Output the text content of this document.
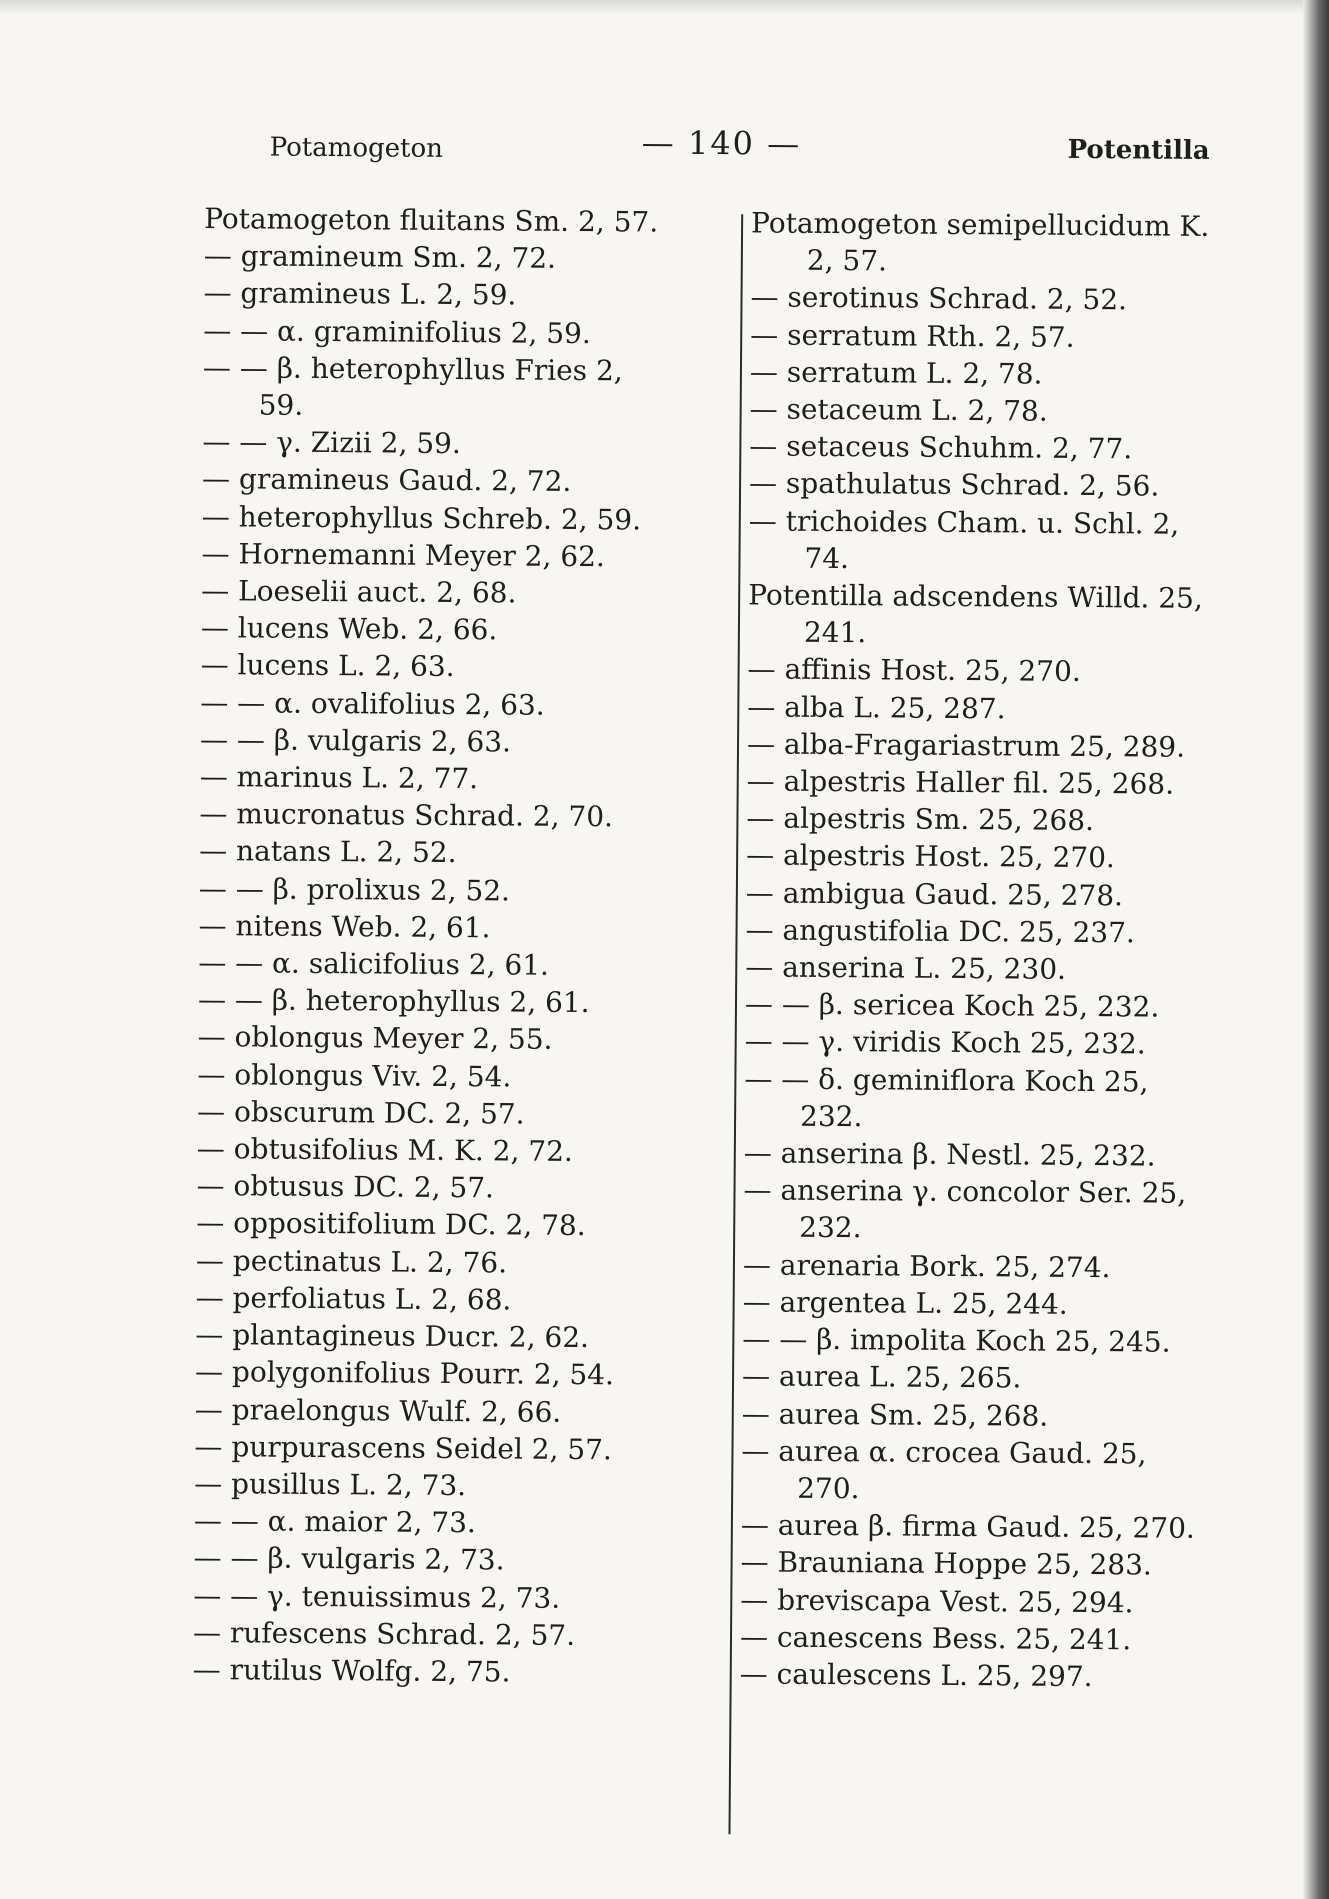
Potamogeton	— 140 —	Potentilla
Potamogeton fluitans Sm. 2, 57.
— gramineum Sm. 2, 72.
— gramineus L. 2, 59.
— — α. graminifolius 2, 59.
— — β. heterophyllus Fries 2,
59.
— — γ. Zizii 2, 59.
— gramineus Gaud. 2, 72.
— heterophyllus Schreb. 2, 59.
— Hornemanni Meyer 2, 62.
— Loeselii auct. 2, 68.
— lucens Web. 2, 66.
— lucens L. 2, 63.
— — α. ovalifolius 2, 63.
— — β. vulgaris 2, 63.
— marinus L. 2, 77.
— mucronatus Schrad. 2, 70.
— natans L. 2, 52.
— — β. prolixus 2, 52.
— nitens Web. 2, 61.
— — α. salicifolius 2, 61.
— — β. heterophyllus 2, 61.
— oblongus Meyer 2, 55.
— oblongus Viv. 2, 54.
— obscurum DC. 2, 57.
— obtusifolius M. K. 2, 72.
— obtusus DC. 2, 57.
— oppositifolium DC. 2, 78.
— pectinatus L. 2, 76.
— perfoliatus L. 2, 68.
— plantagineus Ducr. 2, 62.
— polygonifolius Pourr. 2, 54.
— praelongus Wulf. 2, 66.
— purpurascens Seidel 2, 57.
— pusillus L. 2, 73.
— — α. maior 2, 73.
— — β. vulgaris 2, 73.
— — γ. tenuissimus 2, 73.
— rufescens Schrad. 2, 57.
— rutilus Wolfg. 2, 75.
Potamogeton semipellucidum K.
2, 57.
— serotinus Schrad. 2, 52.
— serratum Rth. 2, 57.
— serratum L. 2, 78.
— setaceum L. 2, 78.
— setaceus Schuhm. 2, 77.
— spathulatus Schrad. 2, 56.
— trichoides Cham. u. Schl. 2,
74.
Potentilla adscendens Willd. 25,
241.
— affinis Host. 25, 270.
— alba L. 25, 287.
— alba-Fragariastrum 25, 289.
— alpestris Haller fil. 25, 268.
— alpestris Sm. 25, 268.
— alpestris Host. 25, 270.
— ambigua Gaud. 25, 278.
— angustifolia DC. 25, 237.
— anserina L. 25, 230.
— — β. sericea Koch 25, 232.
— — γ. viridis Koch 25, 232.
— — δ. geminiflora Koch 25,
232.
— anserina β. Nestl. 25, 232.
— anserina γ. concolor Ser. 25,
232.
— arenaria Bork. 25, 274.
— argentea L. 25, 244.
— — β. impolita Koch 25, 245.
— aurea L. 25, 265.
— aurea Sm. 25, 268.
— aurea α. crocea Gaud. 25,
270.
— aurea β. firma Gaud. 25, 270.
— Brauniana Hoppe 25, 283.
— breviscapa Vest. 25, 294.
— canescens Bess. 25, 241.
— caulescens L. 25, 297.
